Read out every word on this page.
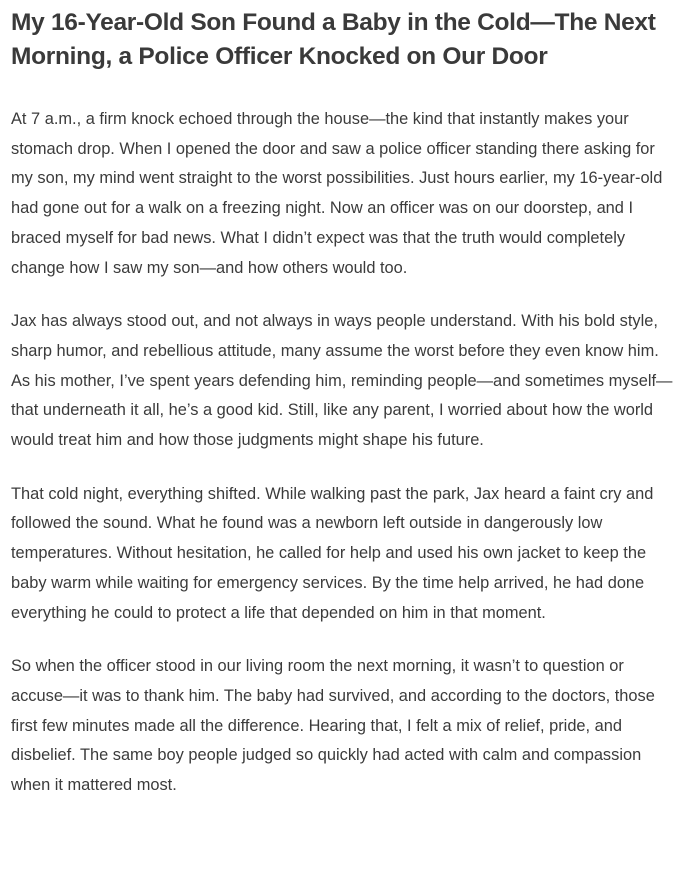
My 16-Year-Old Son Found a Baby in the Cold—The Next Morning, a Police Officer Knocked on Our Door

At 7 a.m., a firm knock echoed through the house—the kind that instantly makes your stomach drop. When I opened the door and saw a police officer standing there asking for my son, my mind went straight to the worst possibilities. Just hours earlier, my 16-year-old had gone out for a walk on a freezing night. Now an officer was on our doorstep, and I braced myself for bad news. What I didn’t expect was that the truth would completely change how I saw my son—and how others would too.

Jax has always stood out, and not always in ways people understand. With his bold style, sharp humor, and rebellious attitude, many assume the worst before they even know him. As his mother, I’ve spent years defending him, reminding people—and sometimes myself—that underneath it all, he’s a good kid. Still, like any parent, I worried about how the world would treat him and how those judgments might shape his future.

That cold night, everything shifted. While walking past the park, Jax heard a faint cry and followed the sound. What he found was a newborn left outside in dangerously low temperatures. Without hesitation, he called for help and used his own jacket to keep the baby warm while waiting for emergency services. By the time help arrived, he had done everything he could to protect a life that depended on him in that moment.

So when the officer stood in our living room the next morning, it wasn’t to question or accuse—it was to thank him. The baby had survived, and according to the doctors, those first few minutes made all the difference. Hearing that, I felt a mix of relief, pride, and disbelief. The same boy people judged so quickly had acted with calm and compassion when it mattered most.
